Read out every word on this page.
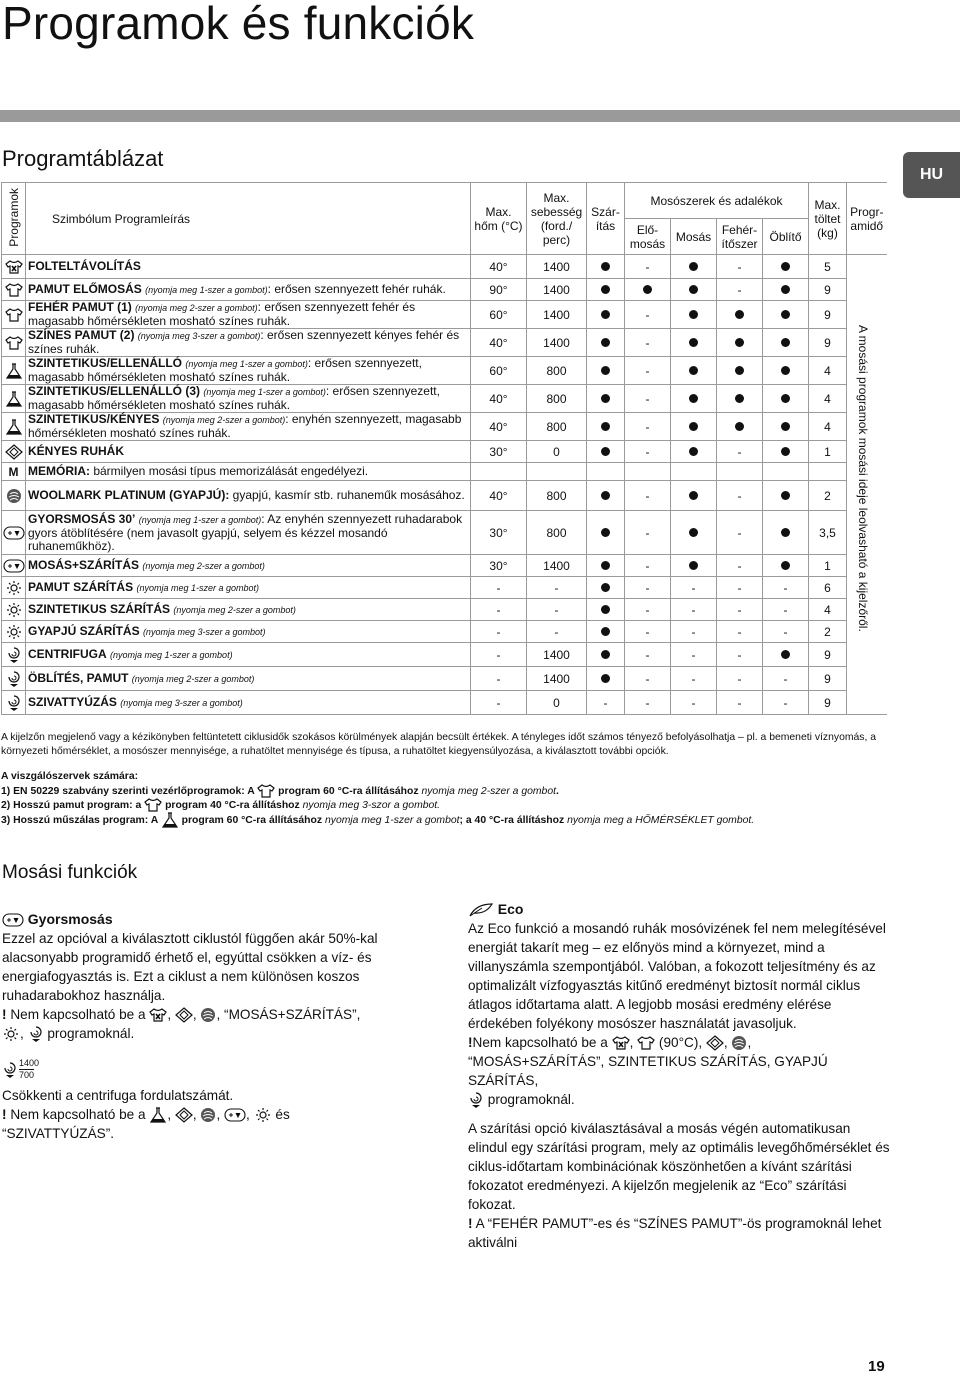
Programok és funkciók
Programtáblázat
HU
Programok	Szimbólum Programleírás	Max. hőm (°C)	Max. sebesség (ford./ perc)	Szár- ítás	Mosószerek és adalékok				Max. töltet (kg)	Progr- amidő
					Elő- mosás	Mosás	Fehér- ítőszer	Öblítő		
	FOLTELTÁVOLÍTÁS	40°	1400		-		-		5	
	PAMUT ELŐMOSÁS (nyomja meg 1-szer a gombot): erősen szennyezett fehér ruhák.	90°	1400				-		9	
	FEHÉR PAMUT (1) (nyomja meg 2-szer a gombot): erősen szennyezett fehér és magasabb hőmérsékleten mosható színes ruhák.	60°	1400		-				9	
	SZÍNES PAMUT (2) (nyomja meg 3-szer a gombot): erősen szennyezett kényes fehér és színes ruhák.	40°	1400		-				9	
	SZINTETIKUS/ELLENÁLLÓ (nyomja meg 1-szer a gombot): erősen szennyezett, magasabb hőmérsékleten mosható színes ruhák.	60°	800		-				4	
	SZINTETIKUS/ELLENÁLLÓ (3) (nyomja meg 1-szer a gombot): erősen szennyezett, magasabb hőmérsékleten mosható színes ruhák.	40°	800		-				4	
	SZINTETIKUS/KÉNYES (nyomja meg 2-szer a gombot): enyhén szennyezett, magasabb hőmérsékleten mosható színes ruhák.	40°	800		-				4	
	KÉNYES RUHÁK	30°	0		-		-		1	
M	MEMÓRIA: bármilyen mosási típus memorizálását engedélyezi.									
	WOOLMARK PLATINUM (GYAPJÚ): gyapjú, kasmír stb. ruhaneműk mosásához.	40°	800		-		-		2	
	GYORSMOSÁS 30’ (nyomja meg 1-szer a gombot): Az enyhén szennyezett ruhadarabok gyors átöblítésére (nem javasolt gyapjú, selyem és kézzel mosandó ruhaneműkhöz).	30°	800		-		-		3,5	
	MOSÁS+SZÁRÍTÁS (nyomja meg 2-szer a gombot)	30°	1400		-		-		1	
	PAMUT SZÁRÍTÁS (nyomja meg 1-szer a gombot)	-	-		-	-	-	-	6	
	SZINTETIKUS SZÁRÍTÁS (nyomja meg 2-szer a gombot)	-	-		-	-	-	-	4	
	GYAPJÚ SZÁRÍTÁS (nyomja meg 3-szer a gombot)	-	-		-	-	-	-	2	
	CENTRIFUGA (nyomja meg 1-szer a gombot)	-	1400		-	-	-		9	
	ÖBLÍTÉS, PAMUT (nyomja meg 2-szer a gombot)	-	1400		-	-	-	-	9	
	SZIVATTYÚZÁS (nyomja meg 3-szer a gombot)	-	0	-	-	-	-	-	9	
A mosási programok mosási ideje leolvasható a kijelzőről.
A kijelzőn megjelenő vagy a kézikönyben feltüntetett ciklusidők szokásos körülmények alapján becsült értékek. A tényleges időt számos tényező befolyásolhatja – pl. a bemeneti víznyomás, a környezeti hőmérséklet, a mosószer mennyisége, a ruhatöltet mennyisége és típusa, a ruhatöltet kiegyensúlyozása, a kiválasztott további opciók.
A viszgálószervek számára:
1) EN 50229 szabvány szerinti vezérlőprogramok: A  program 60 °C-ra állításához nyomja meg 2-szer a gombot.
2) Hosszú pamut program: a  program 40 °C-ra állításhoz nyomja meg 3-szor a gombot.
3) Hosszú műszálas program: A  program 60 °C-ra állításához nyomja meg 1-szer a gombot; a 40 °C-ra állításhoz nyomja meg a HŐMÉRSÉKLET gombot.
Mosási funkciók
Gyorsmosás
Ezzel az opcióval a kiválasztott ciklustól függően akár 50%-kal alacsonyabb programidő érhető el, egyúttal csökken a víz- és energiafogyasztás is. Ezt a ciklust a nem különösen koszos ruhadarabokhoz használja.
! Nem kapcsolható be a , , , “MOSÁS+SZÁRÍTÁS”,
,  programoknál.
1400
700
Csökkenti a centrifuga fordulatszámát.
! Nem kapcsolható be a , , , ,  és
“SZIVATTYÚZÁS”.
Eco
Az Eco funkció a mosandó ruhák mosóvizének fel nem melegítésével energiát takarít meg – ez előnyös mind a környezet, mind a villanyszámla szempontjából. Valóban, a fokozott teljesítmény és az optimalizált vízfogyasztás kitűnő eredményt biztosít normál ciklus átlagos időtartama alatt. A legjobb mosási eredmény elérése érdekében folyékony mosószer használatát javasoljuk.
!Nem kapcsolható be a ,  (90°C), , ,
“MOSÁS+SZÁRÍTÁS”, SZINTETIKUS SZÁRÍTÁS, GYAPJÚ SZÁRÍTÁS,
programoknál.
A szárítási opció kiválasztásával a mosás végén automatikusan elindul egy szárítási program, mely az optimális levegőhőmérséklet és ciklus-időtartam kombinációnak köszönhetően a kívánt szárítási fokozatot eredményezi. A kijelzőn megjelenik az “Eco” szárítási fokozat.
! A “FEHÉR PAMUT”-es és “SZÍNES PAMUT”-ös programoknál lehet aktiválni
19
